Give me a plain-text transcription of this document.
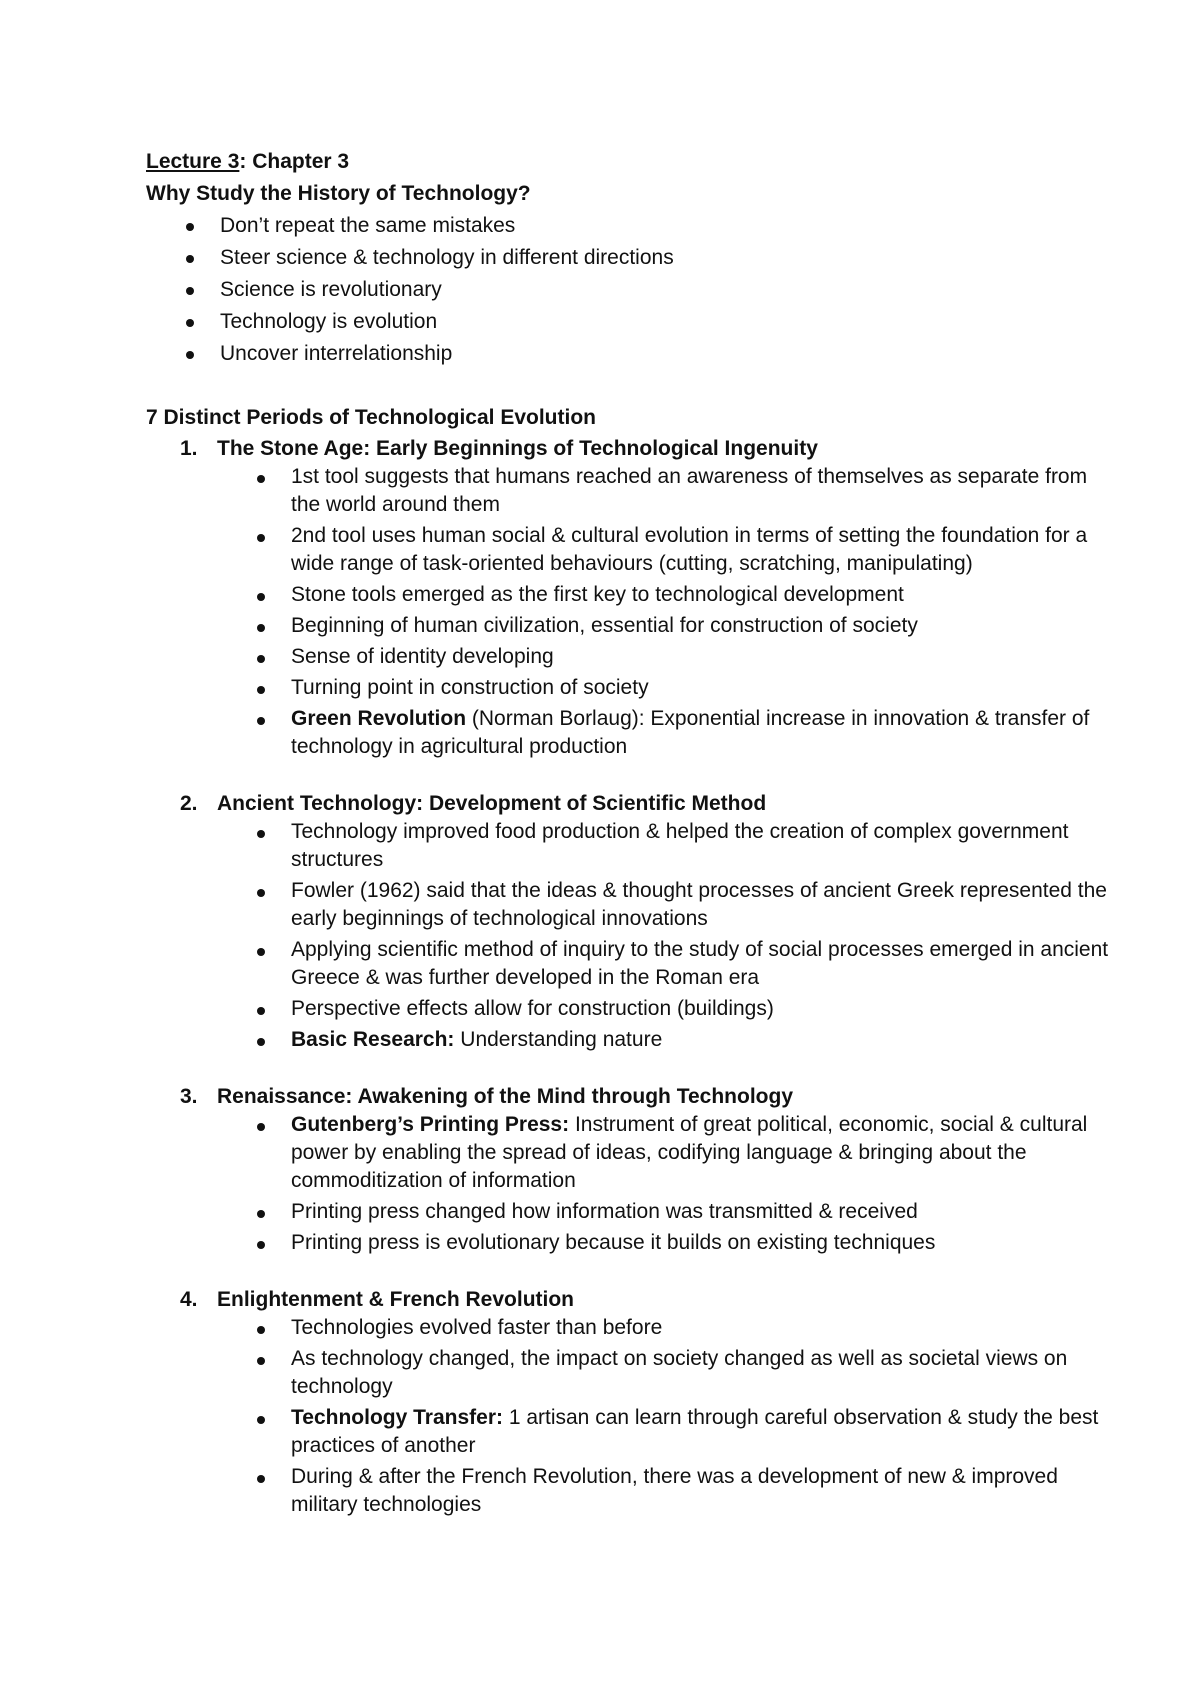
Lecture 3: Chapter 3
Why Study the History of Technology?
Don’t repeat the same mistakes
Steer science & technology in different directions
Science is revolutionary
Technology is evolution
Uncover interrelationship
7 Distinct Periods of Technological Evolution
1. The Stone Age: Early Beginnings of Technological Ingenuity
1st tool suggests that humans reached an awareness of themselves as separate from the world around them
2nd tool uses human social & cultural evolution in terms of setting the foundation for a wide range of task-oriented behaviours (cutting, scratching, manipulating)
Stone tools emerged as the first key to technological development
Beginning of human civilization, essential for construction of society
Sense of identity developing
Turning point in construction of society
Green Revolution (Norman Borlaug): Exponential increase in innovation & transfer of technology in agricultural production
2. Ancient Technology: Development of Scientific Method
Technology improved food production & helped the creation of complex government structures
Fowler (1962) said that the ideas & thought processes of ancient Greek represented the early beginnings of technological innovations
Applying scientific method of inquiry to the study of social processes emerged in ancient Greece & was further developed in the Roman era
Perspective effects allow for construction (buildings)
Basic Research: Understanding nature
3. Renaissance: Awakening of the Mind through Technology
Gutenberg’s Printing Press: Instrument of great political, economic, social & cultural power by enabling the spread of ideas, codifying language & bringing about the commoditization of information
Printing press changed how information was transmitted & received
Printing press is evolutionary because it builds on existing techniques
4. Enlightenment & French Revolution
Technologies evolved faster than before
As technology changed, the impact on society changed as well as societal views on technology
Technology Transfer: 1 artisan can learn through careful observation & study the best practices of another
During & after the French Revolution, there was a development of new & improved military technologies
